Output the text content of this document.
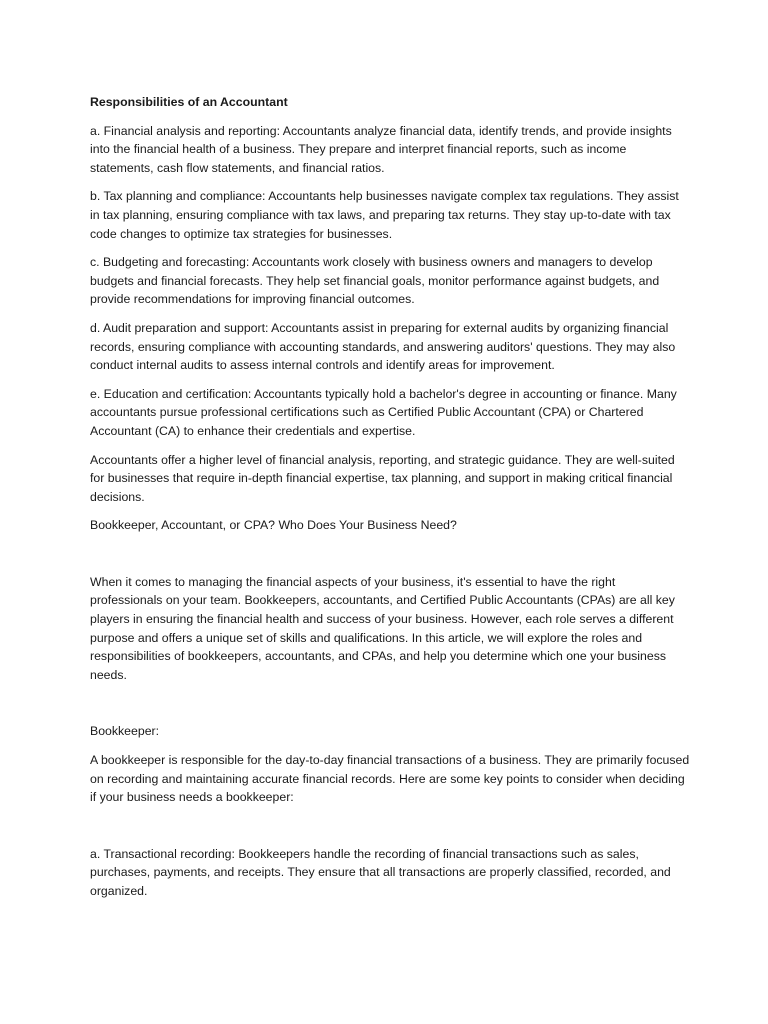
Responsibilities of an Accountant

a. Financial analysis and reporting: Accountants analyze financial data, identify trends, and provide insights into the financial health of a business. They prepare and interpret financial reports, such as income statements, cash flow statements, and financial ratios.

b. Tax planning and compliance: Accountants help businesses navigate complex tax regulations. They assist in tax planning, ensuring compliance with tax laws, and preparing tax returns. They stay up-to-date with tax code changes to optimize tax strategies for businesses.

c. Budgeting and forecasting: Accountants work closely with business owners and managers to develop budgets and financial forecasts. They help set financial goals, monitor performance against budgets, and provide recommendations for improving financial outcomes.

d. Audit preparation and support: Accountants assist in preparing for external audits by organizing financial records, ensuring compliance with accounting standards, and answering auditors' questions. They may also conduct internal audits to assess internal controls and identify areas for improvement.

e. Education and certification: Accountants typically hold a bachelor's degree in accounting or finance. Many accountants pursue professional certifications such as Certified Public Accountant (CPA) or Chartered Accountant (CA) to enhance their credentials and expertise.

Accountants offer a higher level of financial analysis, reporting, and strategic guidance. They are well-suited for businesses that require in-depth financial expertise, tax planning, and support in making critical financial decisions.

Bookkeeper, Accountant, or CPA? Who Does Your Business Need?

When it comes to managing the financial aspects of your business, it's essential to have the right professionals on your team. Bookkeepers, accountants, and Certified Public Accountants (CPAs) are all key players in ensuring the financial health and success of your business. However, each role serves a different purpose and offers a unique set of skills and qualifications. In this article, we will explore the roles and responsibilities of bookkeepers, accountants, and CPAs, and help you determine which one your business needs.

Bookkeeper:

A bookkeeper is responsible for the day-to-day financial transactions of a business. They are primarily focused on recording and maintaining accurate financial records. Here are some key points to consider when deciding if your business needs a bookkeeper:

a. Transactional recording: Bookkeepers handle the recording of financial transactions such as sales, purchases, payments, and receipts. They ensure that all transactions are properly classified, recorded, and organized.
